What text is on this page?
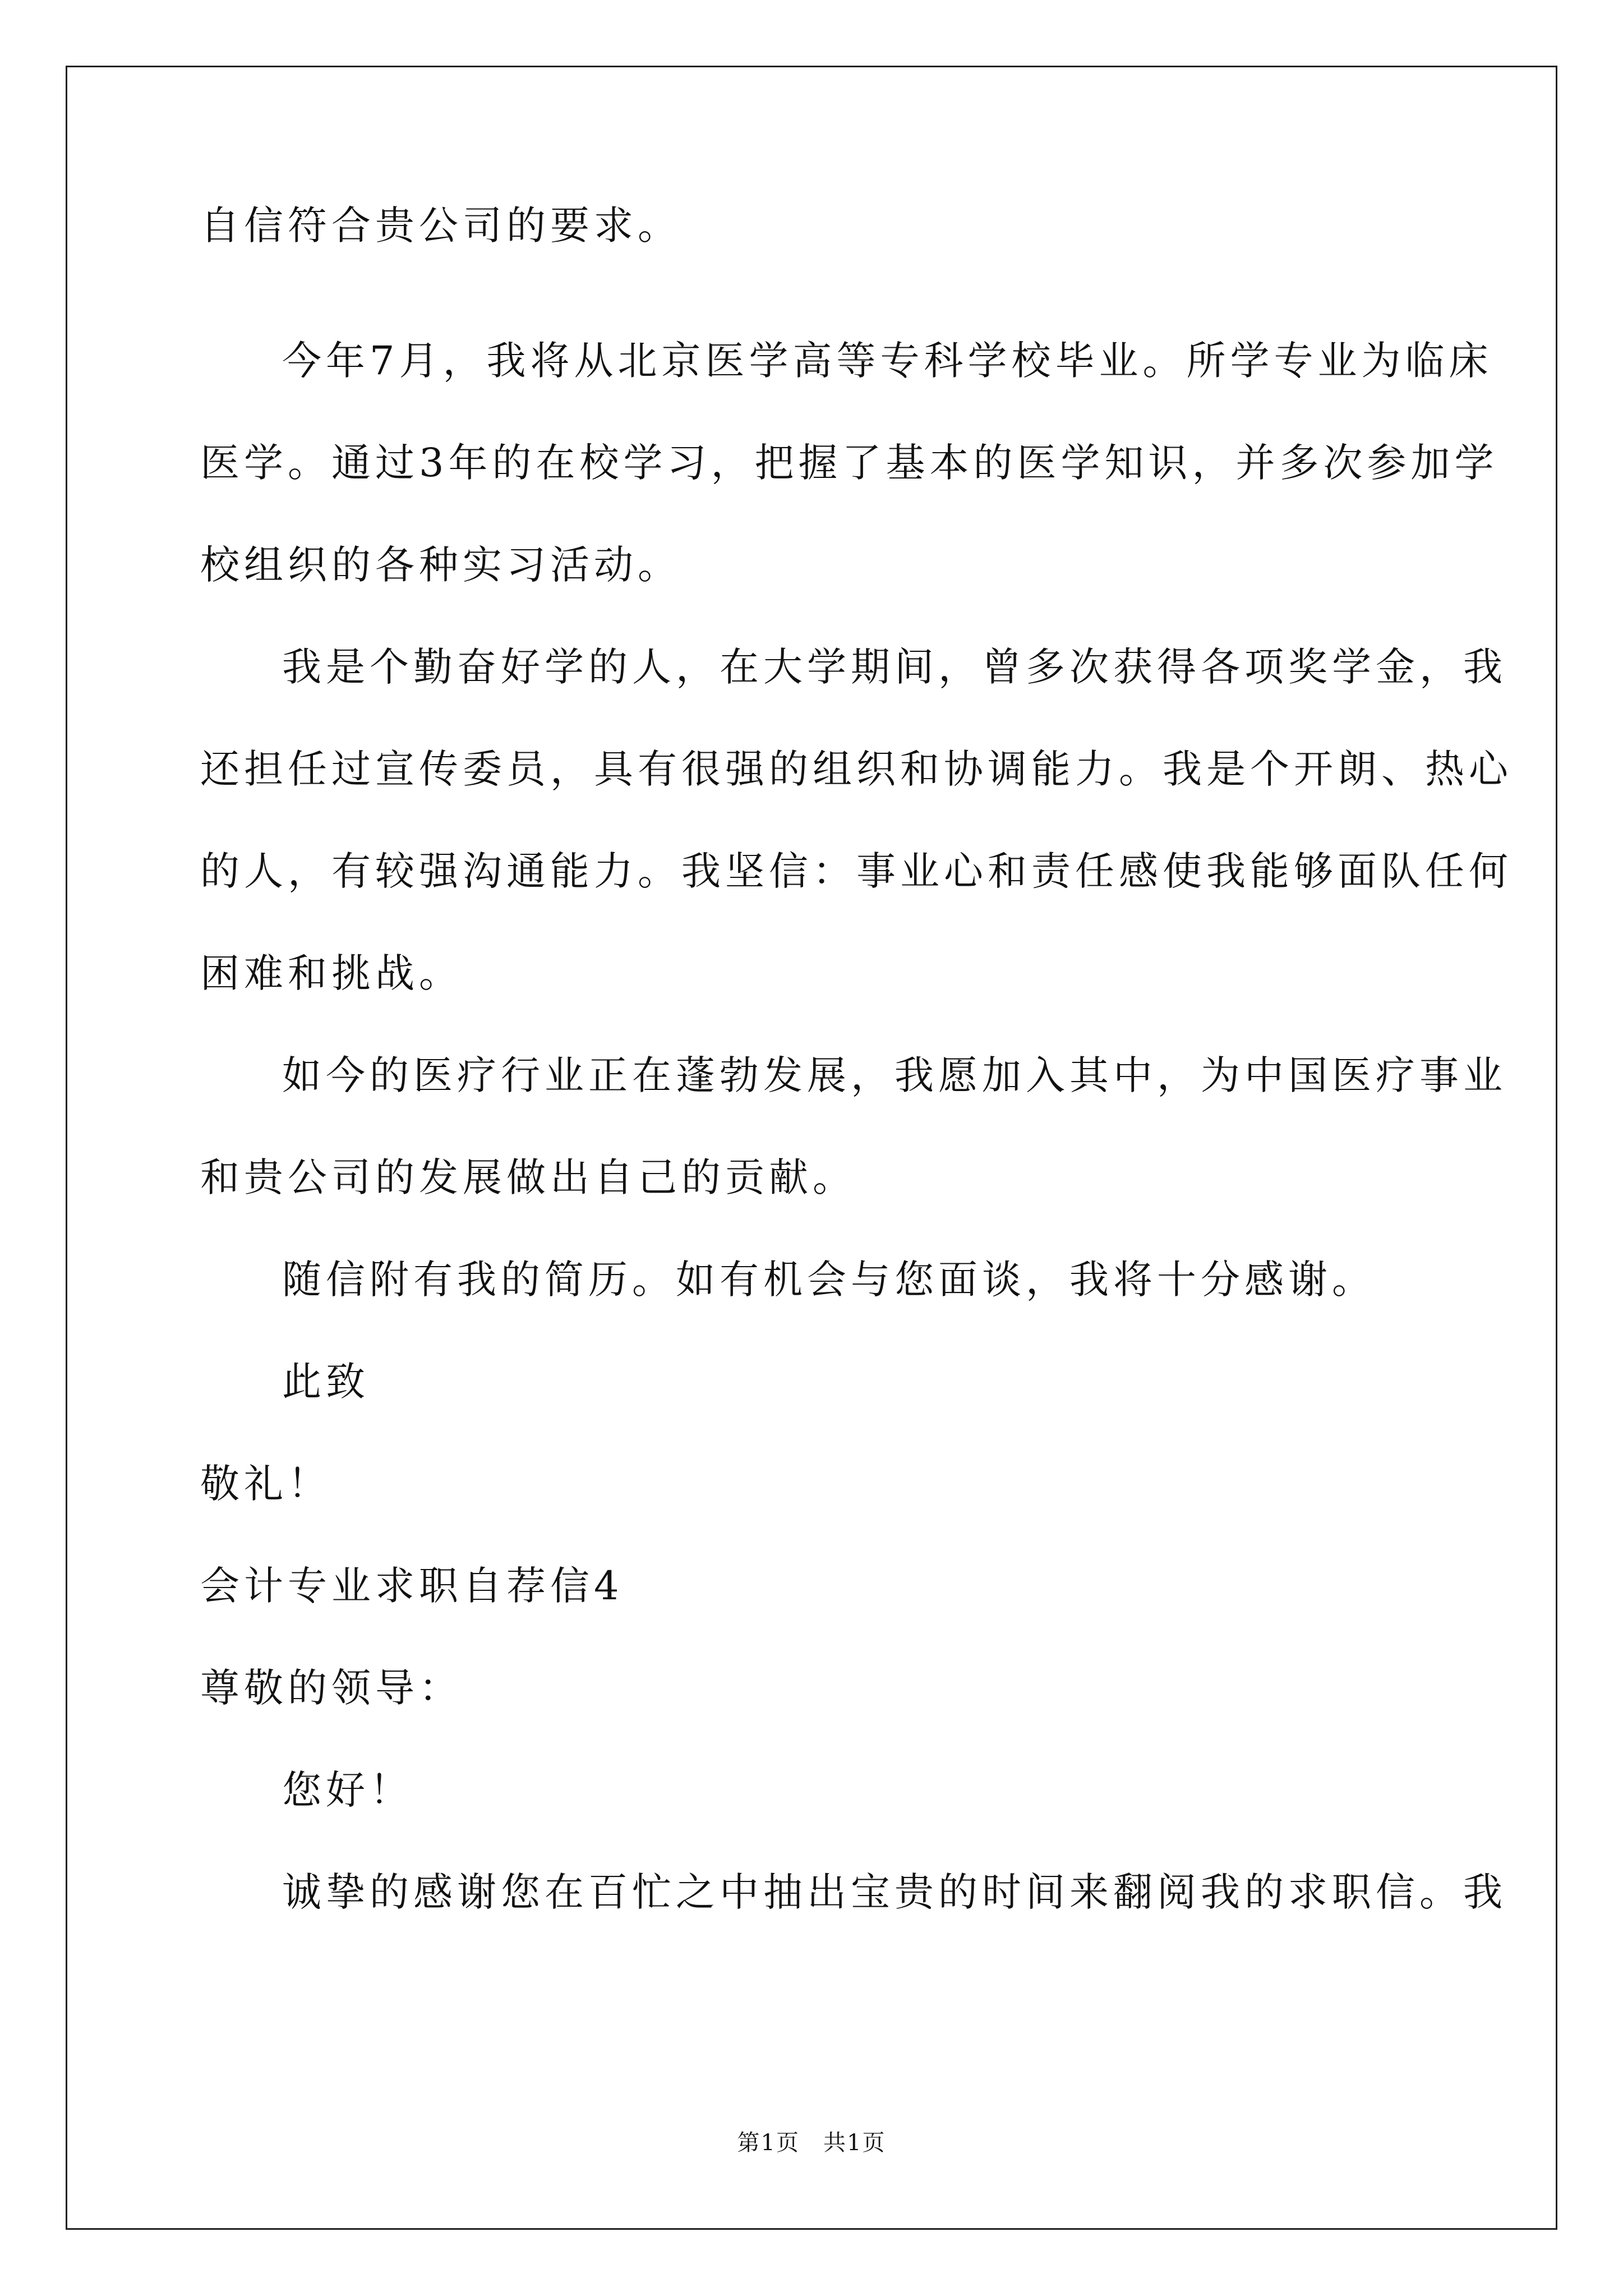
自信符合贵公司的要求。
今年7月，我将从北京医学高等专科学校毕业。所学专业为临床
医学。通过3年的在校学习，把握了基本的医学知识，并多次参加学
校组织的各种实习活动。
我是个勤奋好学的人，在大学期间，曾多次获得各项奖学金，我
还担任过宣传委员，具有很强的组织和协调能力。我是个开朗、热心
的人，有较强沟通能力。我坚信：事业心和责任感使我能够面队任何
困难和挑战。
如今的医疗行业正在蓬勃发展，我愿加入其中，为中国医疗事业
和贵公司的发展做出自己的贡献。
随信附有我的简历。如有机会与您面谈，我将十分感谢。
此致
敬礼！
会计专业求职自荐信4
尊敬的领导：
您好！
诚挚的感谢您在百忙之中抽出宝贵的时间来翻阅我的求职信。我
第1页　共1页
